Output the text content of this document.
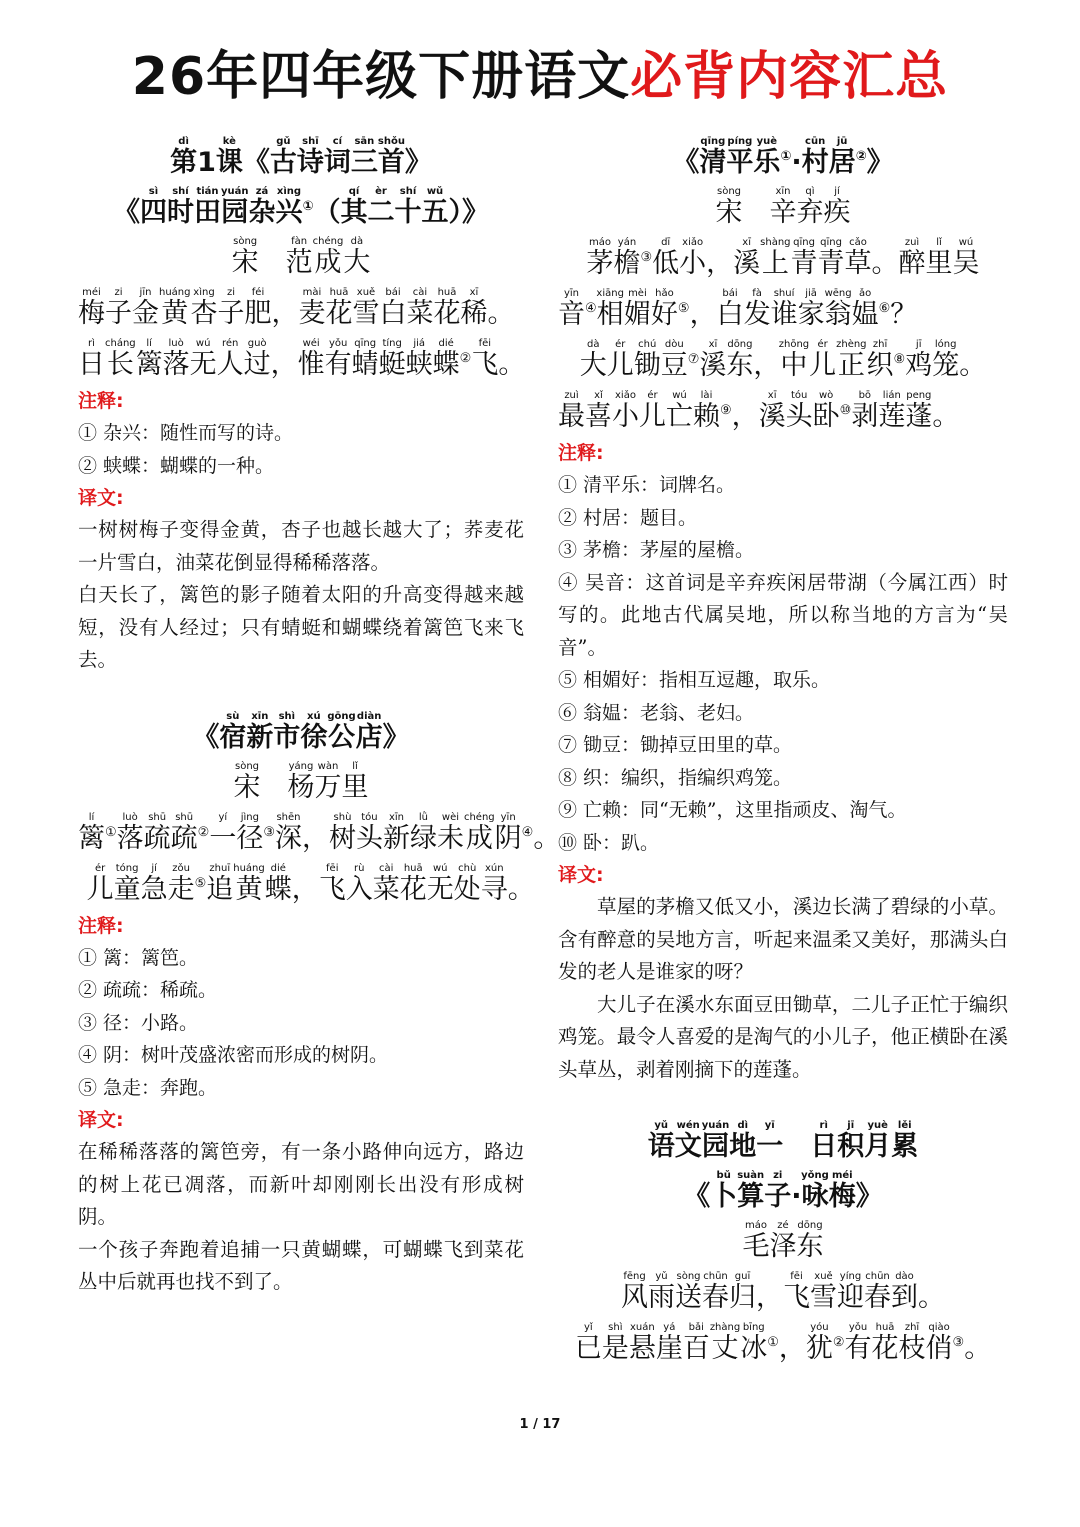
26年四年级下册语文必背内容汇总
第dì1课kè《古gǔ诗shī词cí三sān首shǒu》
《四sì时shí田tián园yuán杂zá兴xìng①（其qí二èr十shí五wǔ）》
宋sòng　范fàn成chéng大dà
梅méi子zi金jīn黄huáng杏xìng子zi肥féi，麦mài花huā雪xuě白bái菜cài花huā稀xī。
日rì长cháng篱lí落luò无wú人rén过guò，惟wéi有yǒu蜻qīng蜓tíng蛱jiá蝶dié②飞fēi。
注释:
① 杂兴：随性而写的诗。
② 蛱蝶：蝴蝶的一种。
译文:
一树树梅子变得金黄，杏子也越长越大了；荞麦花一片雪白，油菜花倒显得稀稀落落。
白天长了，篱笆的影子随着太阳的升高变得越来越短，没有人经过；只有蜻蜓和蝴蝶绕着篱笆飞来飞去。
《宿sù新xīn市shì徐xú公gōng店diàn》
宋sòng　杨yáng万wàn里lǐ
篱lí①落luò疏shū疏shū②一yí径jìng③深shēn，树shù头tóu新xīn绿lǜ未wèi成chéng阴yīn④。
儿ér童tóng急jí走zǒu⑤追zhuī黄huáng蝶dié，飞fēi入rù菜cài花huā无wú处chù寻xún。
注释:
① 篱：篱笆。
② 疏疏：稀疏。
③ 径：小路。
④ 阴：树叶茂盛浓密而形成的树阴。
⑤ 急走：奔跑。
译文:
在稀稀落落的篱笆旁，有一条小路伸向远方，路边的树上花已凋落，而新叶却刚刚长出没有形成树阴。
一个孩子奔跑着追捕一只黄蝴蝶，可蝴蝶飞到菜花丛中后就再也找不到了。
《清qīng平píng乐yuè①·村cūn居jū②》
宋sòng　辛xīn弃qì疾jí
茅máo檐yán③低dī小xiǎo，溪xī上shàng青qīng青qīng草cǎo。醉zuì里lǐ吴wú
音yīn④相xiāng媚mèi好hǎo⑤，白bái发fà谁shuí家jiā翁wēng媪ǎo⑥？
大dà儿ér锄chú豆dòu⑦溪xī东dōng，中zhōng儿ér正zhèng织zhī⑧鸡jī笼lóng。
最zuì喜xǐ小xiǎo儿ér亡wú赖lài⑨，溪xī头tóu卧wò⑩剥bō莲lián蓬peng。
注释:
① 清平乐：词牌名。
② 村居：题目。
③ 茅檐：茅屋的屋檐。
④ 吴音：这首词是辛弃疾闲居带湖（今属江西）时写的。此地古代属吴地，所以称当地的方言为“吴音”。
⑤ 相媚好：指相互逗趣，取乐。
⑥ 翁媪：老翁、老妇。
⑦ 锄豆：锄掉豆田里的草。
⑧ 织：编织，指编织鸡笼。
⑨ 亡赖：同“无赖”，这里指顽皮、淘气。
⑩ 卧：趴。
译文:
草屋的茅檐又低又小，溪边长满了碧绿的小草。含有醉意的吴地方言，听起来温柔又美好，那满头白发的老人是谁家的呀？
大儿子在溪水东面豆田锄草，二儿子正忙于编织鸡笼。最令人喜爱的是淘气的小儿子，他正横卧在溪头草丛，剥着刚摘下的莲蓬。
语yǔ文wén园yuán地dì一yī　日rì积jī月yuè累lěi
《卜bǔ算suàn子zi·咏yǒng梅méi》
毛máo泽zé东dōng
风fēng雨yǔ送sòng春chūn归guī，飞fēi雪xuě迎yíng春chūn到dào。
已yǐ是shì悬xuán崖yá百bǎi丈zhàng冰bīng①，犹yóu②有yǒu花huā枝zhī俏qiào③。
1 / 17
